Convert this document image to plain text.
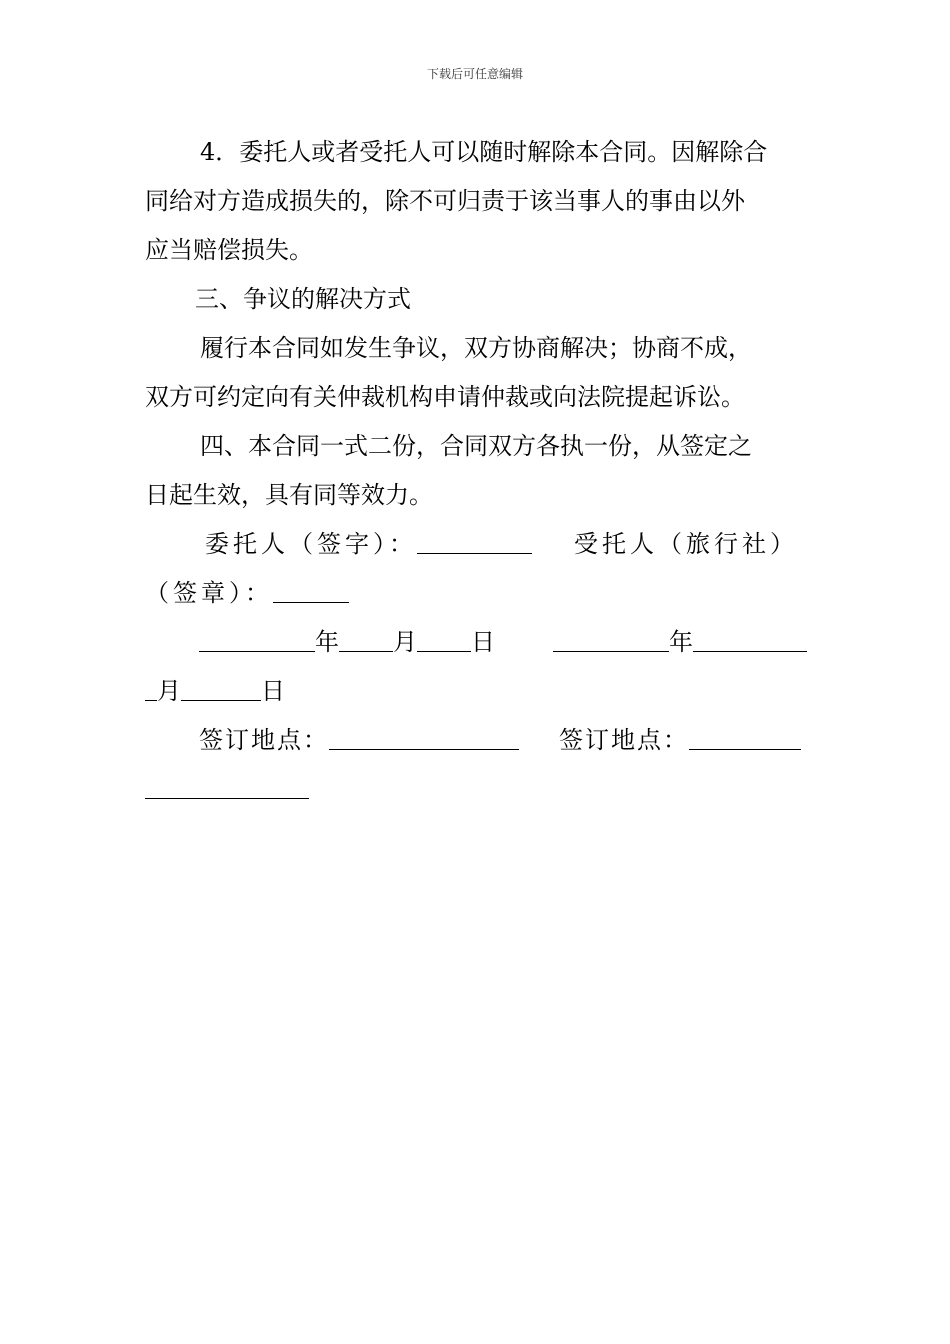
下载后可任意编辑
4．委托人或者受托人可以随时解除本合同。因解除合
同给对方造成损失的，除不可归责于该当事人的事由以外
应当赔偿损失。
三、争议的解决方式
履行本合同如发生争议，双方协商解决；协商不成，
双方可约定向有关仲裁机构申请仲裁或向法院提起诉讼。
四、本合同一式二份，合同双方各执一份，从签定之
日起生效，具有同等效力。
委托人（签字）：	受托人（旅行社）
（签章）：
年 月 日	年
月	日
签订地点：	签订地点：
